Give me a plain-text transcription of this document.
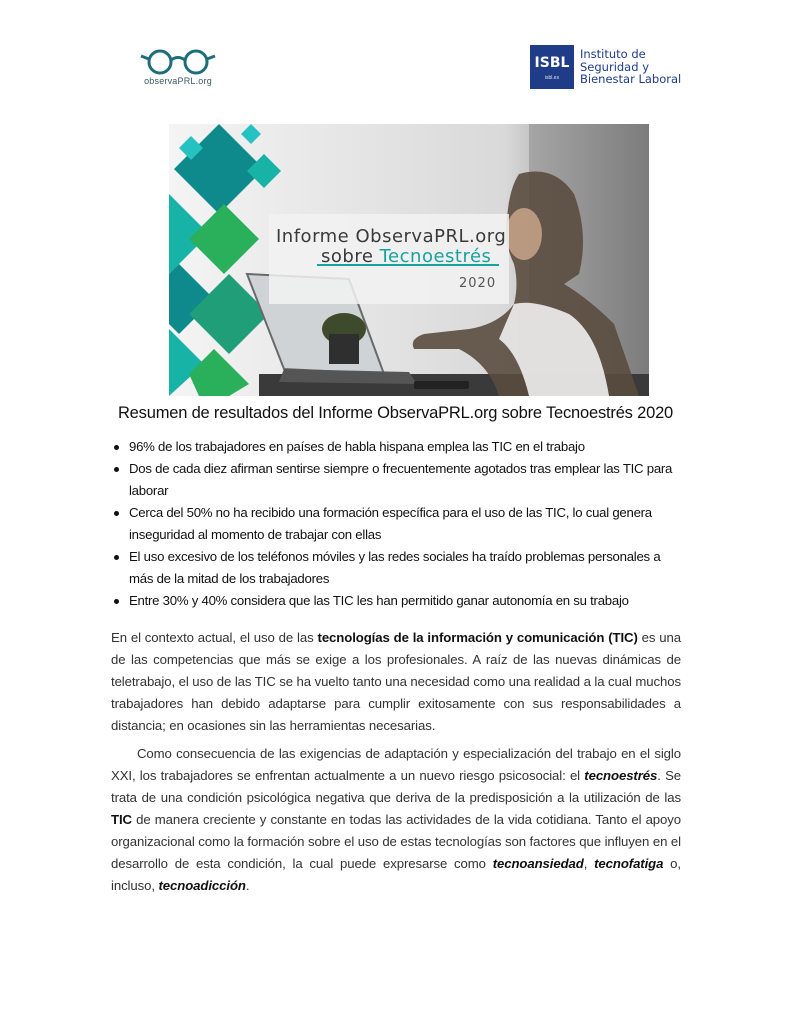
observaPRL.org
ISBL
isbl.es
Instituto de
Seguridad y
Bienestar Laboral
Informe ObservaPRL.org
sobre Tecnoestrés
2020
Resumen de resultados del Informe ObservaPRL.org sobre Tecnoestrés 2020
96% de los trabajadores en países de habla hispana emplea las TIC en el trabajo
Dos de cada diez afirman sentirse siempre o frecuentemente agotados tras emplear las TIC para laborar
Cerca del 50% no ha recibido una formación específica para el uso de las TIC, lo cual genera inseguridad al momento de trabajar con ellas
El uso excesivo de los teléfonos móviles y las redes sociales ha traído problemas personales a más de la mitad de los trabajadores
Entre 30% y 40% considera que las TIC les han permitido ganar autonomía en su trabajo

En el contexto actual, el uso de las tecnologías de la información y comunicación (TIC) es una de las competencias que más se exige a los profesionales. A raíz de las nuevas dinámicas de teletrabajo, el uso de las TIC se ha vuelto tanto una necesidad como una realidad a la cual muchos trabajadores han debido adaptarse para cumplir exitosamente con sus responsabilidades a distancia; en ocasiones sin las herramientas necesarias.

Como consecuencia de las exigencias de adaptación y especialización del trabajo en el siglo XXI, los trabajadores se enfrentan actualmente a un nuevo riesgo psicosocial: el tecnoestrés. Se trata de una condición psicológica negativa que deriva de la predisposición a la utilización de las TIC de manera creciente y constante en todas las actividades de la vida cotidiana. Tanto el apoyo organizacional como la formación sobre el uso de estas tecnologías son factores que influyen en el desarrollo de esta condición, la cual puede expresarse como tecnoansiedad, tecnofatiga o, incluso, tecnoadicción.
